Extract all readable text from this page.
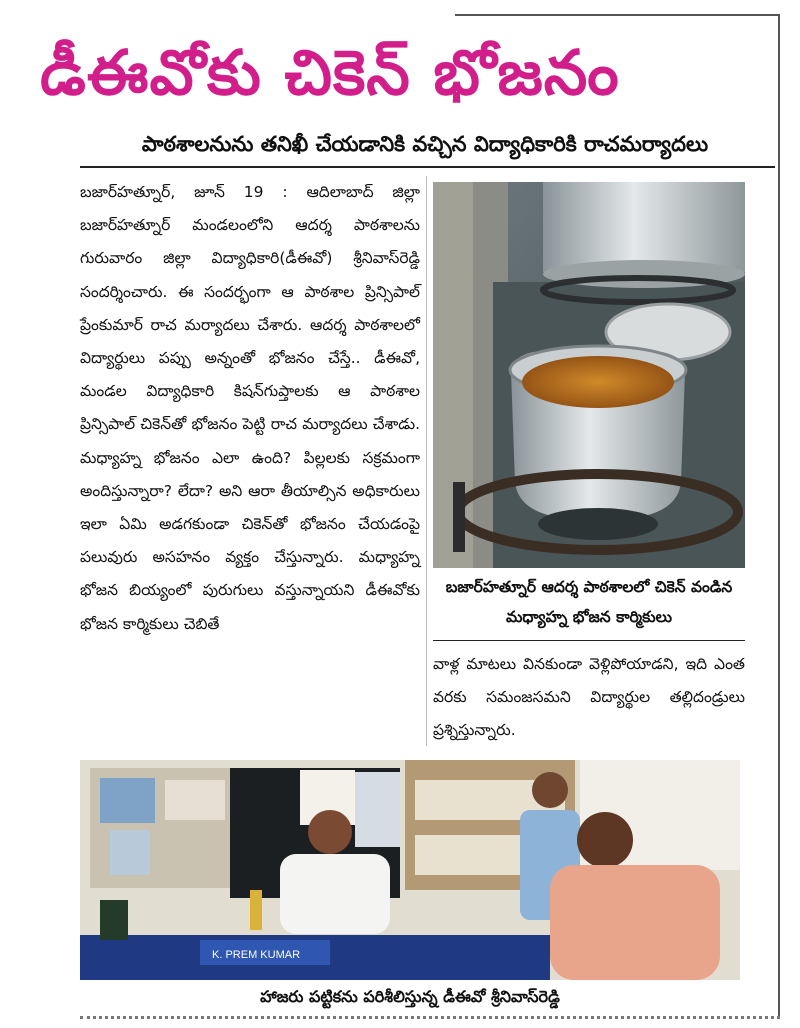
డీఈవోకు చికెన్ భోజనం
పాఠశాలనును తనిఖీ చేయడానికి వచ్చిన విద్యాధికారికి రాచమర్యాదలు

బజార్‌హత్నూర్, జూన్ 19 : ఆదిలాబాద్ జిల్లా బజార్‌హత్నూర్ మండలంలోని ఆదర్శ పాఠశాలను గురువారం జిల్లా విద్యాధికారి(డీఈవో) శ్రీనివాస్‌రెడ్డి సందర్శించారు. ఈ సందర్భంగా ఆ పాఠశాల ప్రిన్సిపాల్ ప్రేంకుమార్ రాచ మర్యాదలు చేశారు. ఆదర్శ పాఠశాలలో విద్యార్థులు పప్పు అన్నంతో భోజనం చేస్తే.. డీఈవో, మండల విద్యాధికారి కిషన్‌గుప్తాలకు ఆ పాఠశాల ప్రిన్సిపాల్ చికెన్‌తో భోజనం పెట్టి రాచ మర్యాదలు చేశాడు. మధ్యాహ్న భోజనం ఎలా ఉంది? పిల్లలకు సక్రమంగా అందిస్తున్నారా? లేదా? అని ఆరా తీయాల్సిన అధికారులు ఇలా ఏమి అడగకుండా చికెన్‌తో భోజనం చేయడంపై పలువురు అసహనం వ్యక్తం చేస్తున్నారు. మధ్యాహ్న భోజన బియ్యంలో పురుగులు వస్తున్నాయని డీఈవోకు భోజన కార్మికులు చెబితే

బజార్‌హత్నూర్ ఆదర్శ పాఠశాలలో చికెన్ వండిన మధ్యాహ్న భోజన కార్మికులు

వాళ్ల మాటలు వినకుండా వెళ్లిపోయాడని, ఇది ఎంత వరకు సమంజసమని విద్యార్థుల తల్లిదండ్రులు ప్రశ్నిస్తున్నారు.

K. PREM KUMAR
హాజరు పట్టికను పరిశీలిస్తున్న డీఈవో శ్రీనివాస్‌రెడ్డి
